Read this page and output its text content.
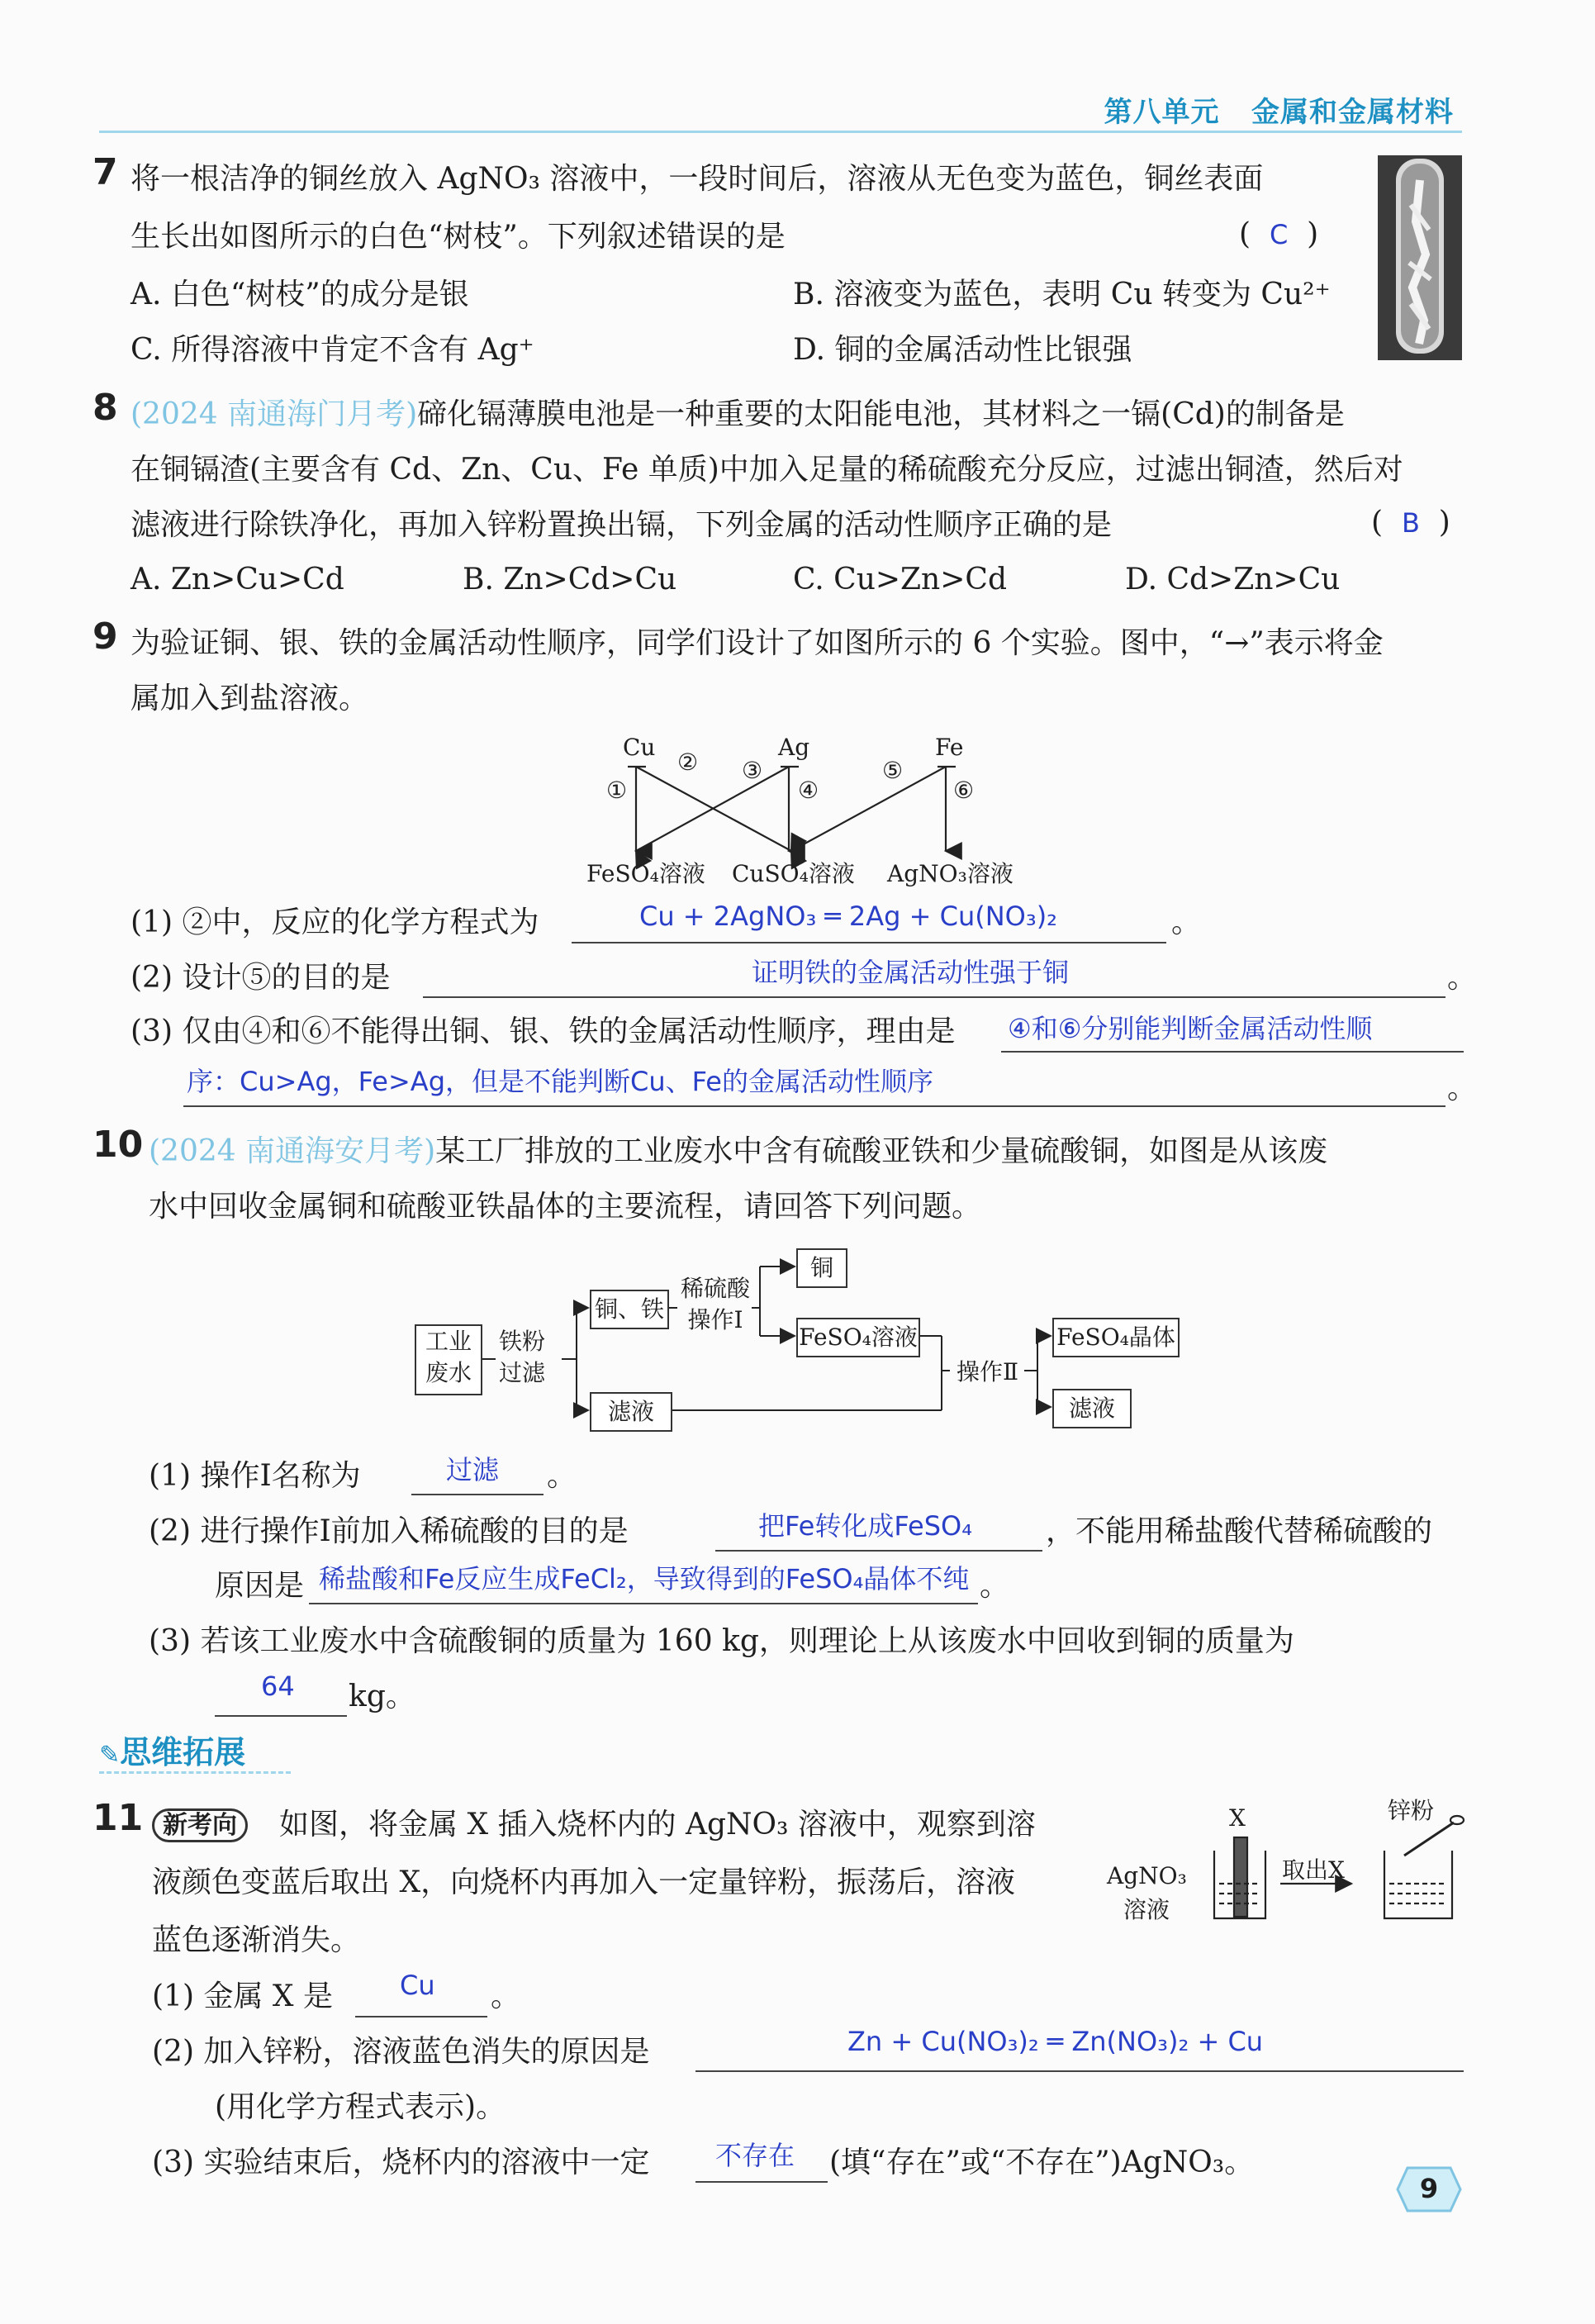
第八单元 金属和金属材料
7 将一根洁净的铜丝放入 AgNO₃ 溶液中，一段时间后，溶液从无色变为蓝色，铜丝表面
生长出如图所示的白色“树枝”。下列叙述错误的是	(  C  )
A. 白色“树枝”的成分是银	B. 溶液变为蓝色，表明 Cu 转变为 Cu²⁺
C. 所得溶液中肯定不含有 Ag⁺	D. 铜的金属活动性比银强
8 (2024 南通海门月考)碲化镉薄膜电池是一种重要的太阳能电池，其材料之一镉(Cd)的制备是
在铜镉渣(主要含有 Cd、Zn、Cu、Fe 单质)中加入足量的稀硫酸充分反应，过滤出铜渣，然后对
滤液进行除铁净化，再加入锌粉置换出镉，下列金属的活动性顺序正确的是	(  B  )
A. Zn>Cu>Cd	B. Zn>Cd>Cu	C. Cu>Zn>Cd	D. Cd>Zn>Cu
9 为验证铜、银、铁的金属活动性顺序，同学们设计了如图所示的 6 个实验。图中，“→”表示将金
属加入到盐溶液。
Cu	Ag	Fe
①
② ③
④
⑤
⑥
FeSO₄溶液 CuSO₄溶液 AgNO₃溶液
(1) ②中，反应的化学方程式为	Cu + 2AgNO₃ ═ 2Ag + Cu(NO₃)₂	。
(2) 设计⑤的目的是	证明铁的金属活动性强于铜	。
(3) 仅由④和⑥不能得出铜、银、铁的金属活动性顺序，理由是 ④和⑥分别能判断金属活动性顺
序：Cu>Ag，Fe>Ag，但是不能判断Cu、Fe的金属活动性顺序	。
10 (2024 南通海安月考)某工厂排放的工业废水中含有硫酸亚铁和少量硫酸铜，如图是从该废
水中回收金属铜和硫酸亚铁晶体的主要流程，请回答下列问题。
工业
废水
铁粉
过滤
铜、铁
稀硫酸
操作Ⅰ
铜
FeSO₄溶液
滤液
操作Ⅱ
FeSO₄晶体
滤液
(1) 操作Ⅰ名称为	过滤 。
(2) 进行操作Ⅰ前加入稀硫酸的目的是	把Fe转化成FeSO₄ ，不能用稀盐酸代替稀硫酸的
原因是 稀盐酸和Fe反应生成FeCl₂，导致得到的FeSO₄晶体不纯 。
(3) 若该工业废水中含硫酸铜的质量为 160 kg，则理论上从该废水中回收到铜的质量为
64 kg。
✎思维拓展
11 新考向	如图，将金属 X 插入烧杯内的 AgNO₃ 溶液中，观察到溶
液颜色变蓝后取出 X，向烧杯内再加入一定量锌粉，振荡后，溶液
蓝色逐渐消失。
X
AgNO₃
溶液
取出X
锌粉
(1) 金属 X 是	Cu 。
(2) 加入锌粉，溶液蓝色消失的原因是	Zn + Cu(NO₃)₂ ═ Zn(NO₃)₂ + Cu
(用化学方程式表示)。
(3) 实验结束后，烧杯内的溶液中一定 不存在 (填“存在”或“不存在”)AgNO₃。
9
